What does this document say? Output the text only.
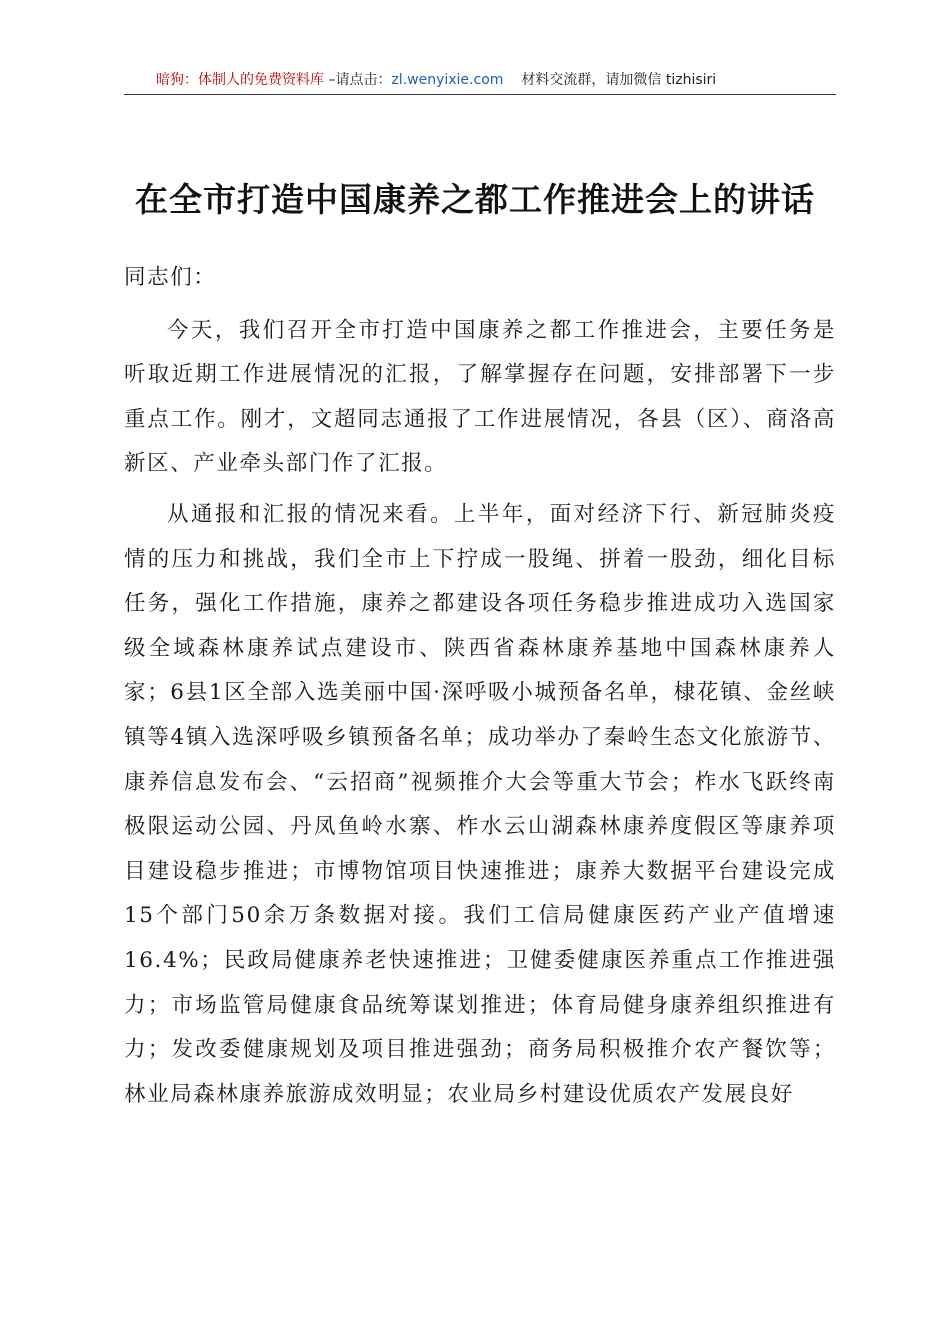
暗狗：体制人的免费资料库 –请点击：zl.wenyixie.com 材料交流群，请加微信 tizhisiri
在全市打造中国康养之都工作推进会上的讲话

同志们：

今天，我们召开全市打造中国康养之都工作推进会，主要任务是听取近期工作进展情况的汇报，了解掌握存在问题，安排部署下一步重点工作。刚才，文超同志通报了工作进展情况，各县（区）、商洛高新区、产业牵头部门作了汇报。

从通报和汇报的情况来看。上半年，面对经济下行、新冠肺炎疫情的压力和挑战，我们全市上下拧成一股绳、拼着一股劲，细化目标任务，强化工作措施，康养之都建设各项任务稳步推进成功入选国家级全域森林康养试点建设市、陕西省森林康养基地中国森林康养人家；6县1区全部入选美丽中国·深呼吸小城预备名单，棣花镇、金丝峡镇等4镇入选深呼吸乡镇预备名单；成功举办了秦岭生态文化旅游节、康养信息发布会、“云招商”视频推介大会等重大节会；柞水飞跃终南极限运动公园、丹凤鱼岭水寨、柞水云山湖森林康养度假区等康养项目建设稳步推进；市博物馆项目快速推进；康养大数据平台建设完成15个部门50余万条数据对接。我们工信局健康医药产业产值增速16.4%；民政局健康养老快速推进；卫健委健康医养重点工作推进强力；市场监管局健康食品统筹谋划推进；体育局健身康养组织推进有力；发改委健康规划及项目推进强劲；商务局积极推介农产餐饮等；林业局森林康养旅游成效明显；农业局乡村建设优质农产发展良好
